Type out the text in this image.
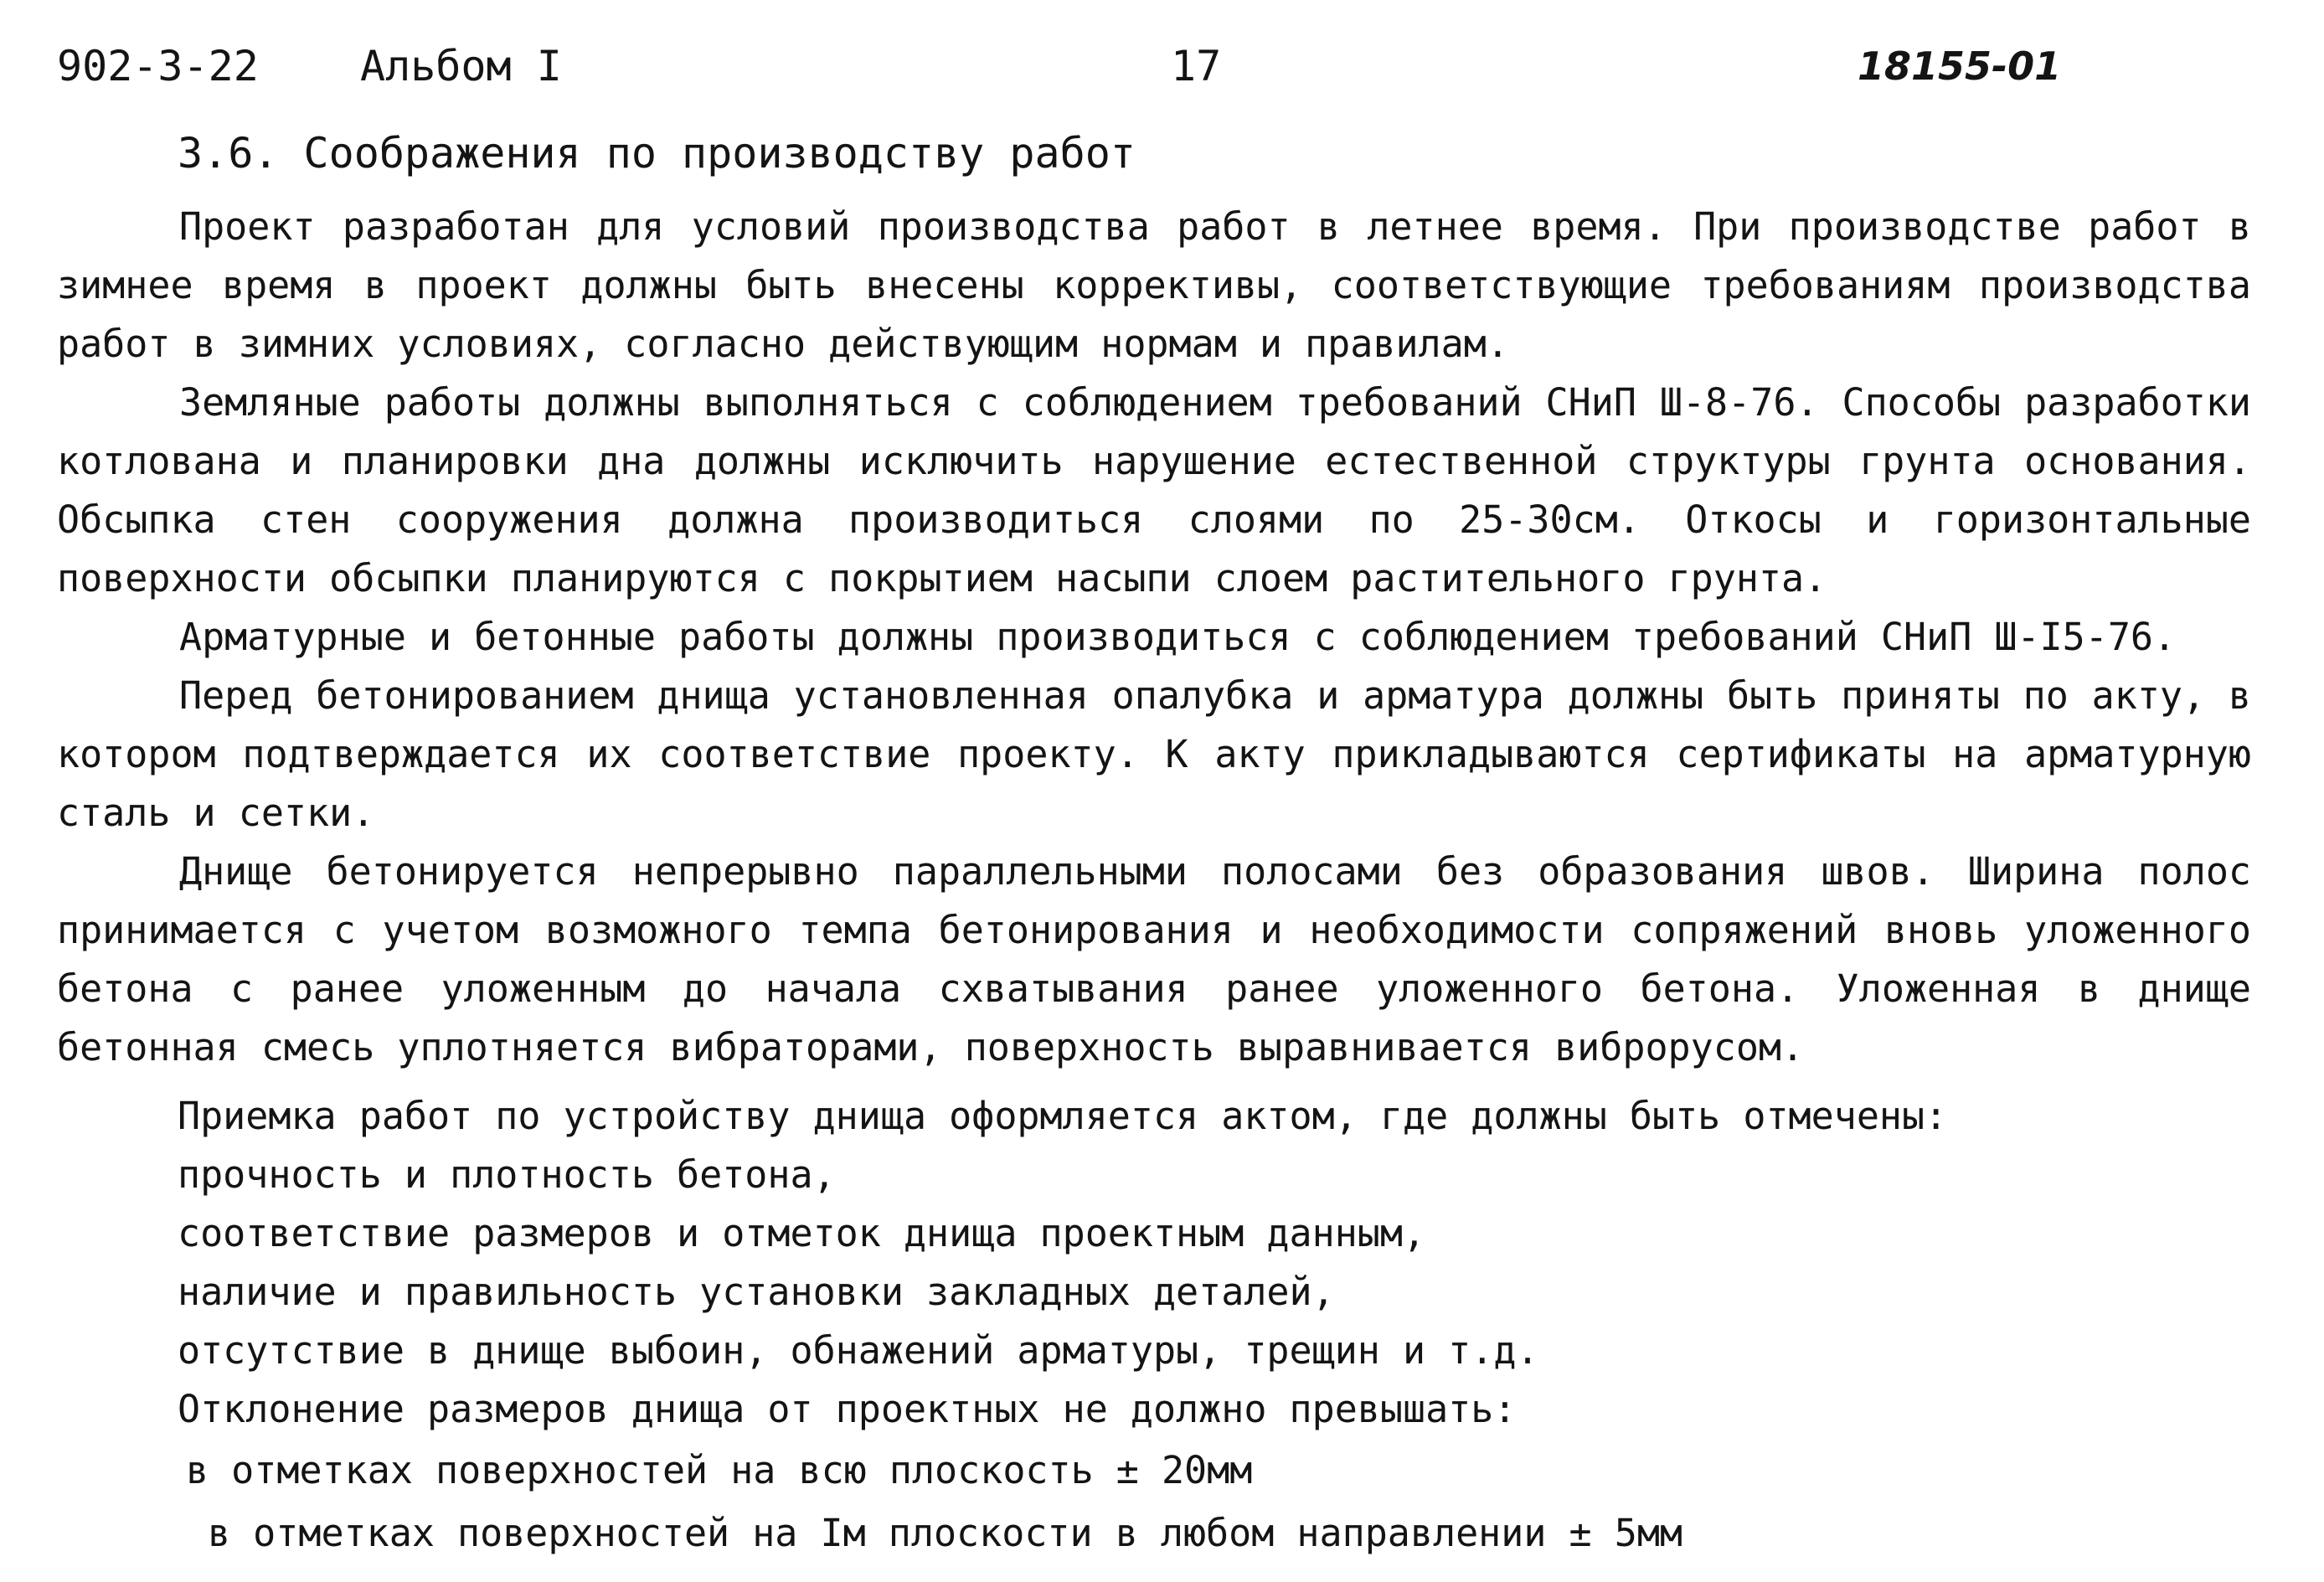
902-3-22 Альбом I	17	18155-01
3.6. Соображения по производству работ

Проект разработан для условий производства работ в летнее время. При производстве работ в зимнее время в проект должны быть внесены коррективы, соответствующие требованиям производства работ в зимних условиях, согласно действующим нормам и правилам.

Земляные работы должны выполняться с соблюдением требований СНиП Ш-8-76. Способы разработки котлована и планировки дна должны исключить нарушение естественной структуры грунта основания. Обсыпка стен сооружения должна производиться слоями по 25-30см. Откосы и горизонтальные поверхности обсыпки планируются с покрытием насыпи слоем растительного грунта.

Арматурные и бетонные работы должны производиться с соблюдением требований СНиП Ш-I5-76.

Перед бетонированием днища установленная опалубка и арматура должны быть приняты по акту, в котором подтверждается их соответствие проекту. К акту прикладываются сертификаты на арматурную сталь и сетки.

Днище бетонируется непрерывно параллельными полосами без образования швов. Ширина полос принимается с учетом возможного темпа бетонирования и необходимости сопряжений вновь уложенного бетона с ранее уложенным до начала схватывания ранее уложенного бетона. Уложенная в днище бетонная смесь уплотняется вибраторами, поверхность выравнивается виброрусом.

Приемка работ по устройству днища оформляется актом, где должны быть отмечены:
прочность и плотность бетона,
соответствие размеров и отметок днища проектным данным,
наличие и правильность установки закладных деталей,
отсутствие в днище выбоин, обнажений арматуры, трещин и т.д.
Отклонение размеров днища от проектных не должно превышать:
в отметках поверхностей на всю плоскость ± 20мм
в отметках поверхностей на Iм плоскости в любом направлении ± 5мм
